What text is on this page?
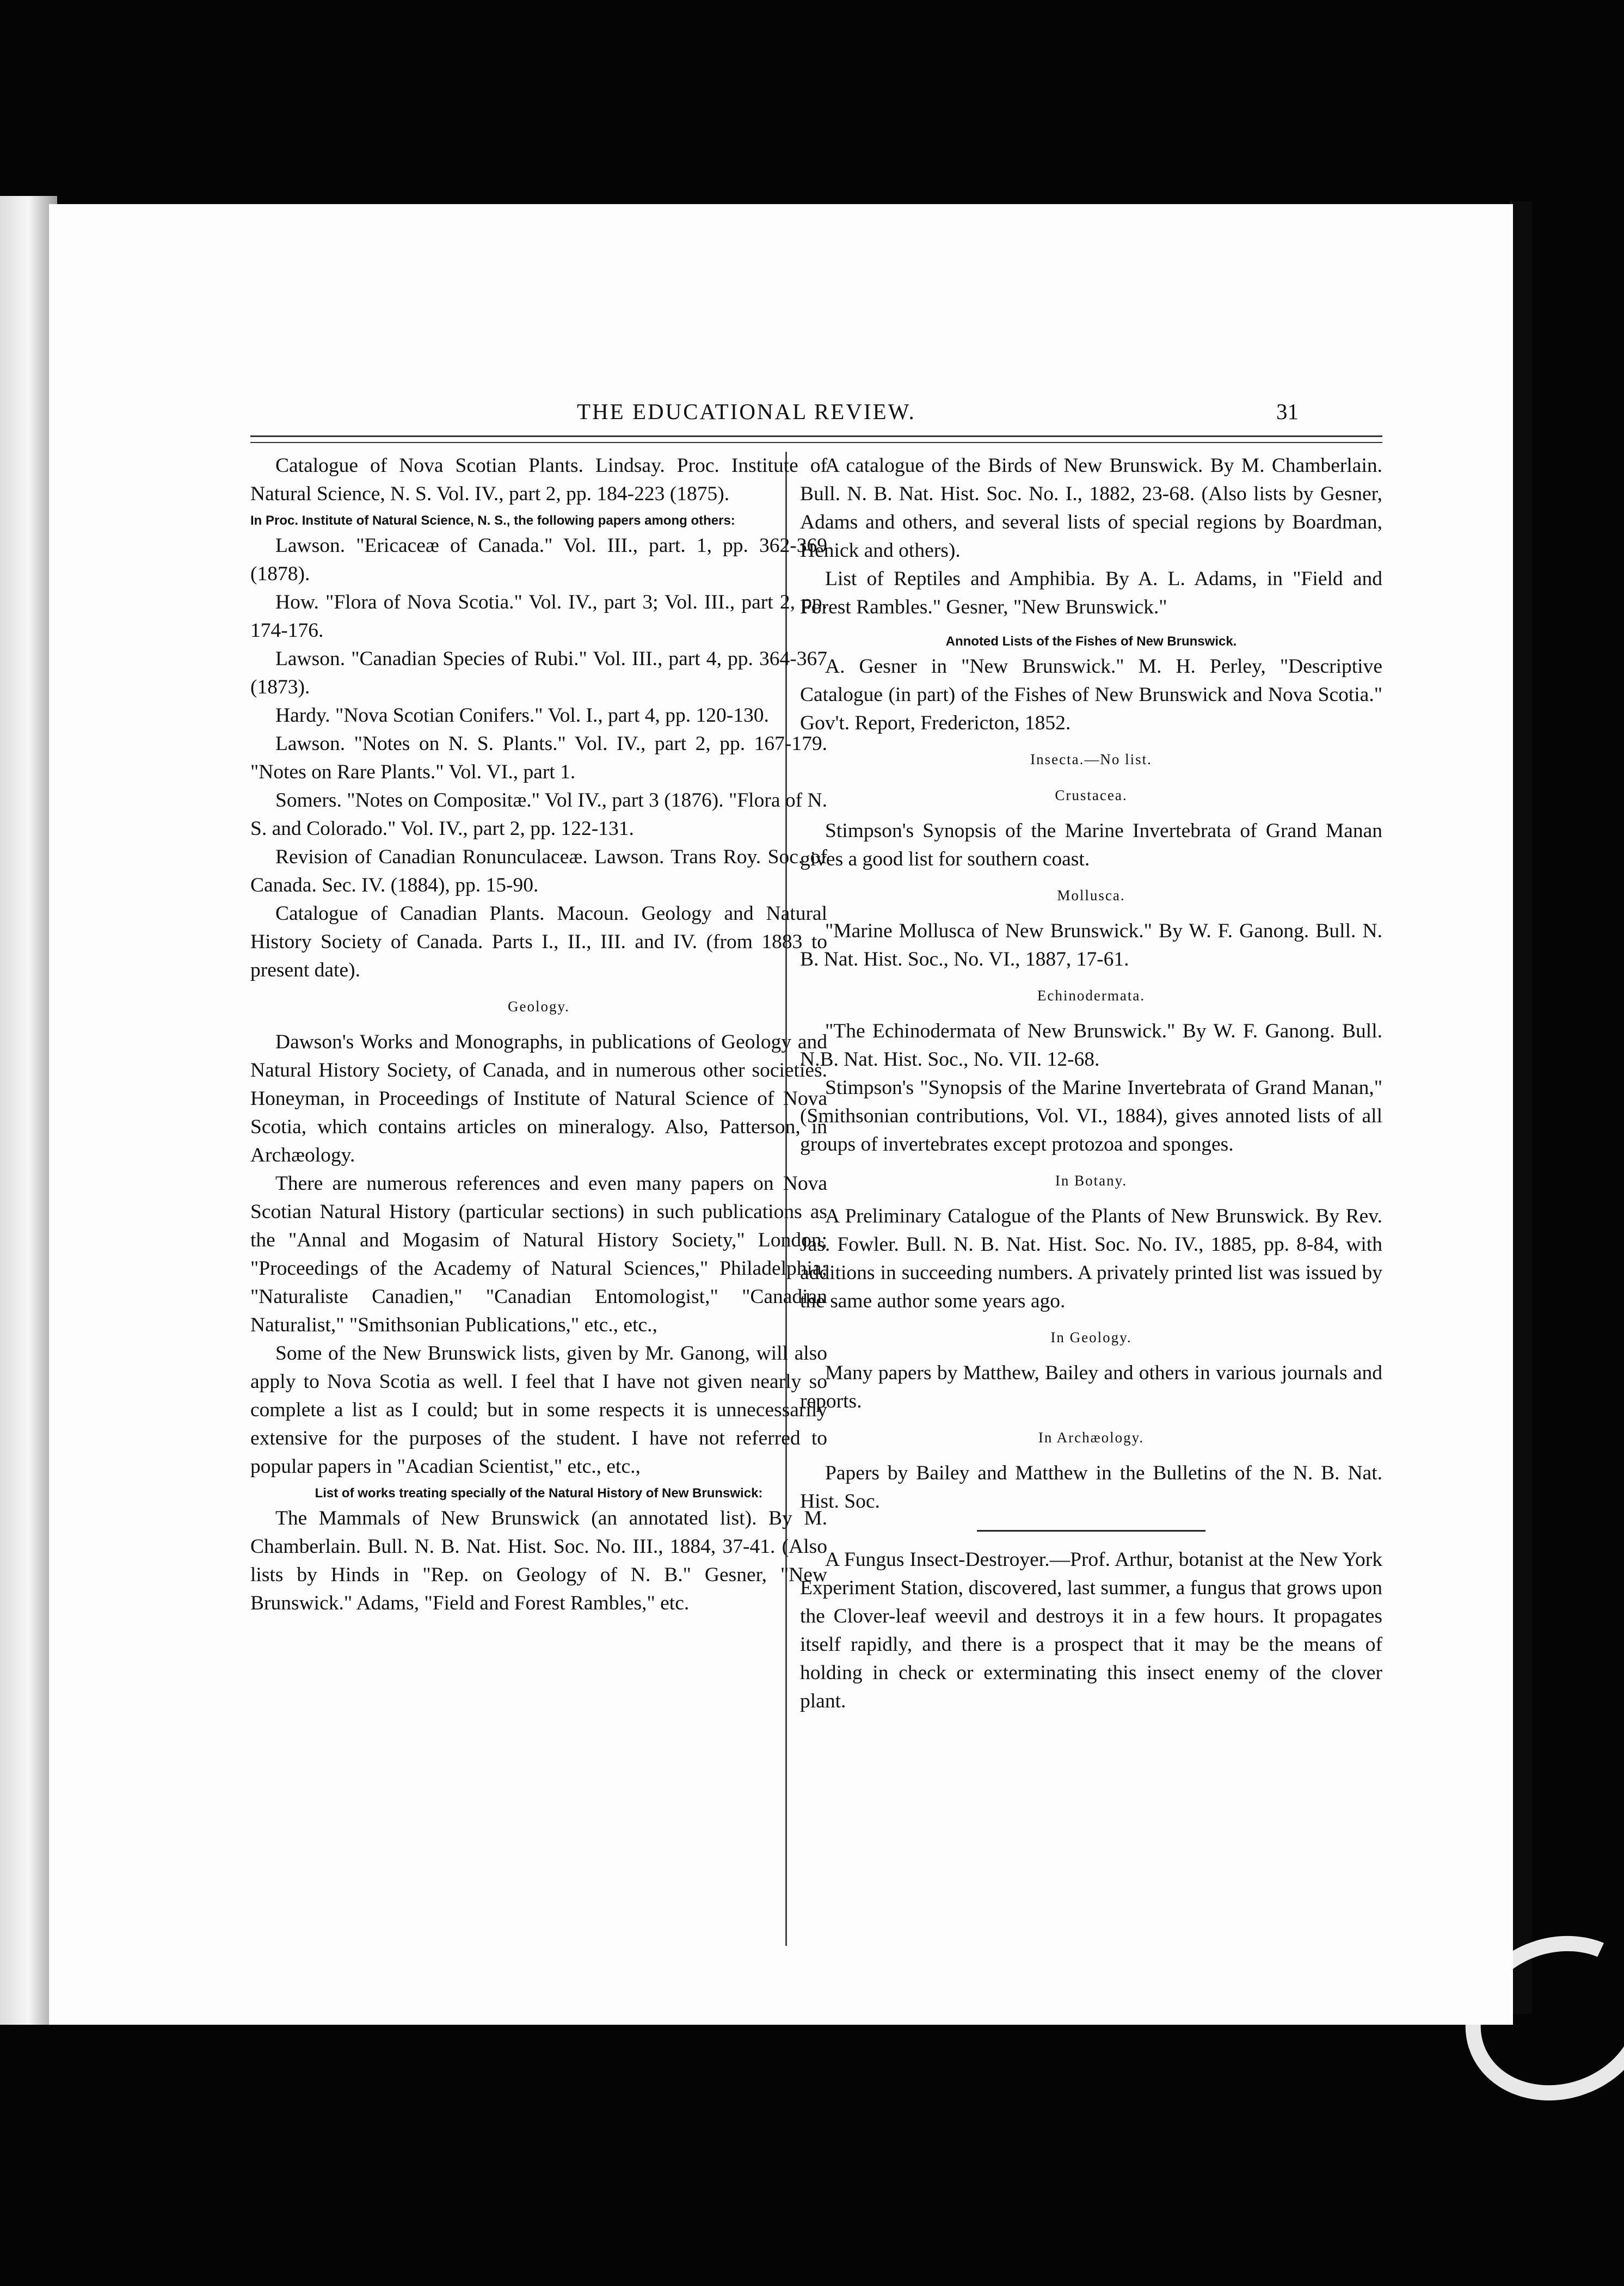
THE EDUCATIONAL REVIEW.	31

Catalogue of Nova Scotian Plants. Lindsay. Proc. Institute of Natural Science, N. S. Vol. IV., part 2, pp. 184-223 (1875).

In Proc. Institute of Natural Science, N. S., the following papers among others:

Lawson. "Ericaceæ of Canada." Vol. III., part. 1, pp. 362-369 (1878).

How. "Flora of Nova Scotia." Vol. IV., part 3; Vol. III., part 2, pp. 174-176.

Lawson. "Canadian Species of Rubi." Vol. III., part 4, pp. 364-367 (1873).

Hardy. "Nova Scotian Conifers." Vol. I., part 4, pp. 120-130.

Lawson. "Notes on N. S. Plants." Vol. IV., part 2, pp. 167-179. "Notes on Rare Plants." Vol. VI., part 1.

Somers. "Notes on Compositæ." Vol IV., part 3 (1876). "Flora of N. S. and Colorado." Vol. IV., part 2, pp. 122-131.

Revision of Canadian Ronunculaceæ. Lawson. Trans Roy. Soc. of Canada. Sec. IV. (1884), pp. 15-90.

Catalogue of Canadian Plants. Macoun. Geology and Natural History Society of Canada. Parts I., II., III. and IV. (from 1883 to present date).

Geology.

Dawson's Works and Monographs, in publications of Geology and Natural History Society, of Canada, and in numerous other societies. Honeyman, in Proceedings of Institute of Natural Science of Nova Scotia, which contains articles on mineralogy. Also, Patterson, in Archæology.

There are numerous references and even many papers on Nova Scotian Natural History (particular sections) in such publications as the "Annal and Mogasim of Natural History Society," London; "Proceedings of the Academy of Natural Sciences," Philadelphia; "Naturaliste Canadien," "Canadian Entomologist," "Canadian Naturalist," "Smithsonian Publications," etc., etc.,

Some of the New Brunswick lists, given by Mr. Ganong, will also apply to Nova Scotia as well. I feel that I have not given nearly so complete a list as I could; but in some respects it is unnecessarily extensive for the purposes of the student. I have not referred to popular papers in "Acadian Scientist," etc., etc.,

List of works treating specially of the Natural History of New Brunswick:

The Mammals of New Brunswick (an annotated list). By M. Chamberlain. Bull. N. B. Nat. Hist. Soc. No. III., 1884, 37-41. (Also lists by Hinds in "Rep. on Geology of N. B." Gesner, "New Brunswick." Adams, "Field and Forest Rambles," etc.

A catalogue of the Birds of New Brunswick. By M. Chamberlain. Bull. N. B. Nat. Hist. Soc. No. I., 1882, 23-68. (Also lists by Gesner, Adams and others, and several lists of special regions by Boardman, Henick and others).

List of Reptiles and Amphibia. By A. L. Adams, in "Field and Forest Rambles." Gesner, "New Brunswick."

Annoted Lists of the Fishes of New Brunswick.

A. Gesner in "New Brunswick." M. H. Perley, "Descriptive Catalogue (in part) of the Fishes of New Brunswick and Nova Scotia." Gov't. Report, Fredericton, 1852.

Insecta.—No list.

Crustacea.

Stimpson's Synopsis of the Marine Invertebrata of Grand Manan gives a good list for southern coast.

Mollusca.

"Marine Mollusca of New Brunswick." By W. F. Ganong. Bull. N. B. Nat. Hist. Soc., No. VI., 1887, 17-61.

Echinodermata.

"The Echinodermata of New Brunswick." By W. F. Ganong. Bull. N.B. Nat. Hist. Soc., No. VII. 12-68.

Stimpson's "Synopsis of the Marine Invertebrata of Grand Manan," (Smithsonian contributions, Vol. VI., 1884), gives annoted lists of all groups of invertebrates except protozoa and sponges.

In Botany.

A Preliminary Catalogue of the Plants of New Brunswick. By Rev. Jas. Fowler. Bull. N. B. Nat. Hist. Soc. No. IV., 1885, pp. 8-84, with additions in succeeding numbers. A privately printed list was issued by the same author some years ago.

In Geology.

Many papers by Matthew, Bailey and others in various journals and reports.

In Archæology.

Papers by Bailey and Matthew in the Bulletins of the N. B. Nat. Hist. Soc.

A Fungus Insect-Destroyer.—Prof. Arthur, botanist at the New York Experiment Station, discovered, last summer, a fungus that grows upon the Clover-leaf weevil and destroys it in a few hours. It propagates itself rapidly, and there is a prospect that it may be the means of holding in check or exterminating this insect enemy of the clover plant.
